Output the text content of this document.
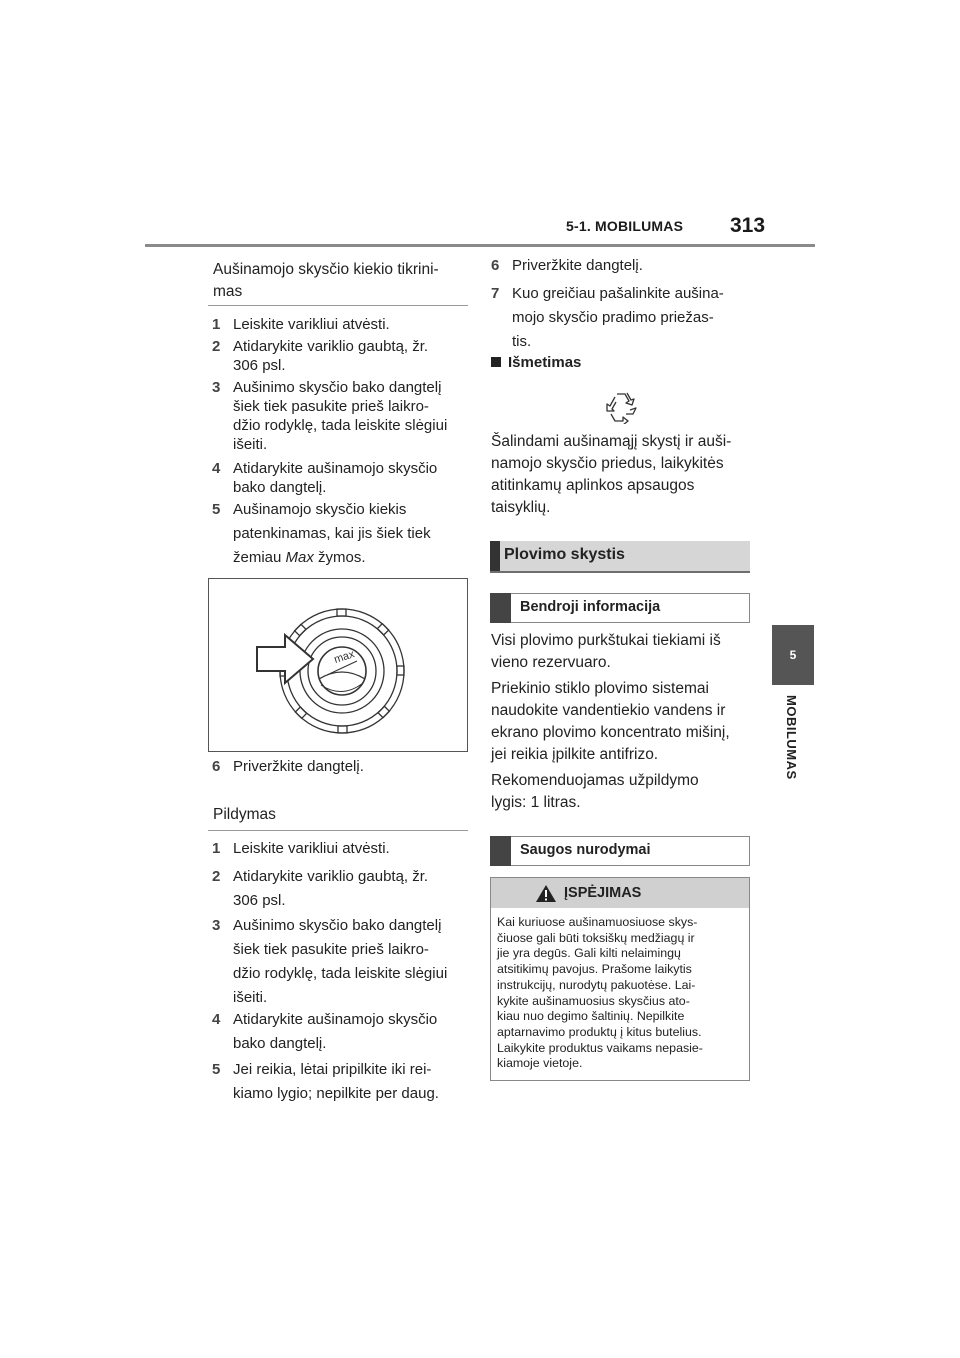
5-1. MOBILUMAS 313
5
MOBILUMAS
Aušinamojo skysčio kiekio tikrini-
mas
1 Leiskite varikliui atvėsti.
2 Atidarykite variklio gaubtą, žr.
306 psl.
3 Aušinimo skysčio bako dangtelį
šiek tiek pasukite prieš laikro-
džio rodyklę, tada leiskite slėgiui
išeiti.
4 Atidarykite aušinamojo skysčio
bako dangtelį.
5 Aušinamojo skysčio kiekis
patenkinamas, kai jis šiek tiek
žemiau Max žymos.
max
6 Priveržkite dangtelį.
Pildymas
1 Leiskite varikliui atvėsti.
2 Atidarykite variklio gaubtą, žr.
306 psl.
3 Aušinimo skysčio bako dangtelį
šiek tiek pasukite prieš laikro-
džio rodyklę, tada leiskite slėgiui
išeiti.
4 Atidarykite aušinamojo skysčio
bako dangtelį.
5 Jei reikia, lėtai pripilkite iki rei-
kiamo lygio; nepilkite per daug.
6 Priveržkite dangtelį.
7 Kuo greičiau pašalinkite aušina-
mojo skysčio pradimo priežas-
tis.
Išmetimas
Šalindami aušinamąjį skystį ir auši-
namojo skysčio priedus, laikykitės
atitinkamų aplinkos apsaugos
taisyklių.
Plovimo skystis
Bendroji informacija
Visi plovimo purkštukai tiekiami iš
vieno rezervuaro.
Priekinio stiklo plovimo sistemai
naudokite vandentiekio vandens ir
ekrano plovimo koncentrato mišinį,
jei reikia įpilkite antifrizo.
Rekomenduojamas užpildymo
lygis: 1 litras.
Saugos nurodymai
ĮSPĖJIMAS
Kai kuriuose aušinamuosiuose skys-
čiuose gali būti toksiškų medžiagų ir
jie yra degūs. Gali kilti nelaimingų
atsitikimų pavojus. Prašome laikytis
instrukcijų, nurodytų pakuotėse. Lai-
kykite aušinamuosius skysčius ato-
kiau nuo degimo šaltinių. Nepilkite
aptarnavimo produktų į kitus butelius.
Laikykite produktus vaikams nepasie-
kiamoje vietoje.
